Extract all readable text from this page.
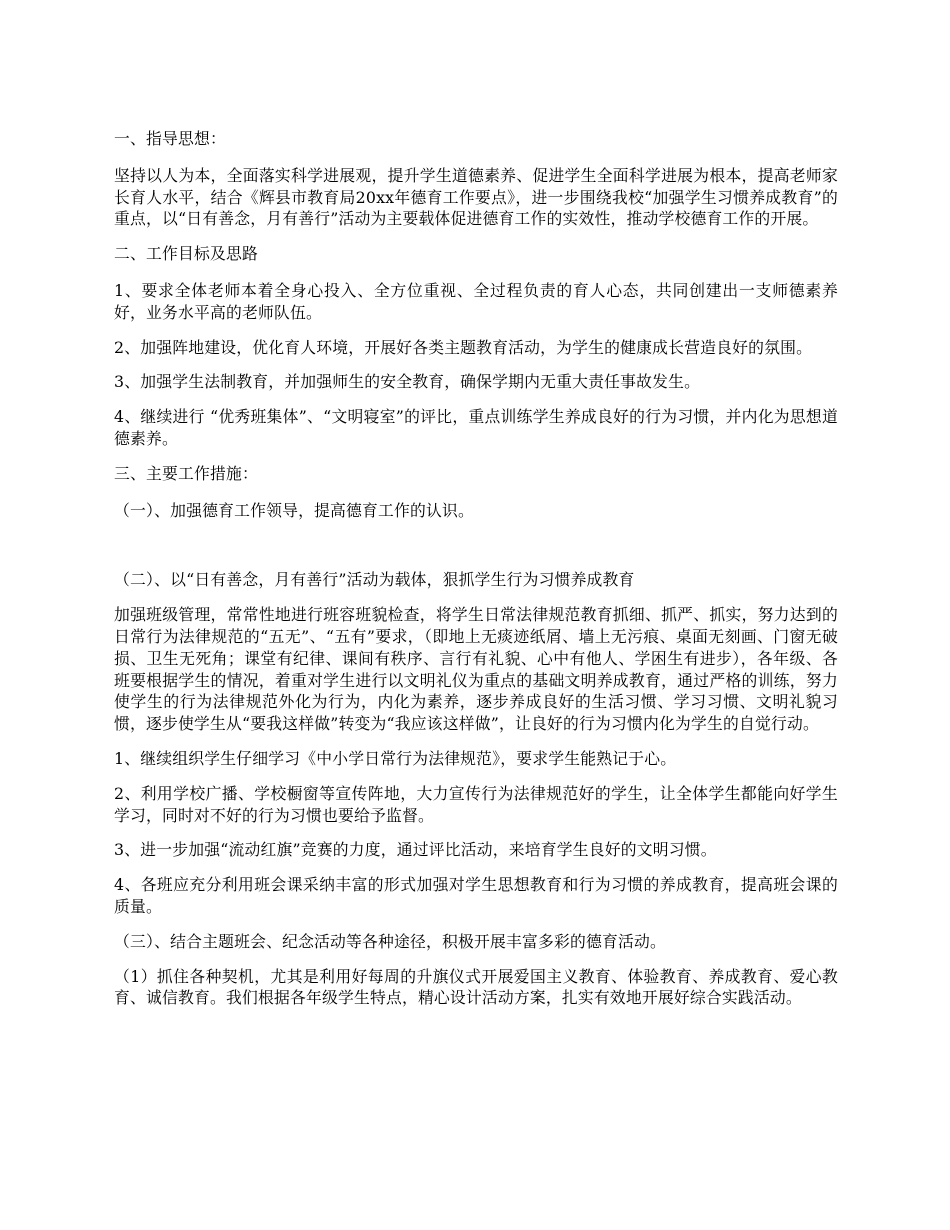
一、指导思想：

坚持以人为本，全面落实科学进展观，提升学生道德素养、促进学生全面科学进展为根本，提高老师家长育人水平，结合《辉县市教育局20xx年德育工作要点》，进一步围绕我校“加强学生习惯养成教育”的重点，以“日有善念，月有善行”活动为主要载体促进德育工作的实效性，推动学校德育工作的开展。

二、工作目标及思路

1、要求全体老师本着全身心投入、全方位重视、全过程负责的育人心态，共同创建出一支师德素养好，业务水平高的老师队伍。

2、加强阵地建设，优化育人环境，开展好各类主题教育活动，为学生的健康成长营造良好的氛围。

3、加强学生法制教育，并加强师生的安全教育，确保学期内无重大责任事故发生。

4、继续进行 “优秀班集体”、“文明寝室”的评比，重点训练学生养成良好的行为习惯，并内化为思想道德素养。

三、主要工作措施：

（一）、加强德育工作领导，提高德育工作的认识。

（二）、以“日有善念，月有善行”活动为载体，狠抓学生行为习惯养成教育

加强班级管理，常常性地进行班容班貌检查，将学生日常法律规范教育抓细、抓严、抓实，努力达到的日常行为法律规范的“五无”、“五有”要求，（即地上无痰迹纸屑、墙上无污痕、桌面无刻画、门窗无破损、卫生无死角；课堂有纪律、课间有秩序、言行有礼貌、心中有他人、学困生有进步），各年级、各班要根据学生的情况，着重对学生进行以文明礼仪为重点的基础文明养成教育，通过严格的训练，努力使学生的行为法律规范外化为行为，内化为素养，逐步养成良好的生活习惯、学习习惯、文明礼貌习惯，逐步使学生从“要我这样做”转变为“我应该这样做”，让良好的行为习惯内化为学生的自觉行动。

1、继续组织学生仔细学习《中小学日常行为法律规范》，要求学生能熟记于心。

2、利用学校广播、学校橱窗等宣传阵地，大力宣传行为法律规范好的学生，让全体学生都能向好学生学习，同时对不好的行为习惯也要给予监督。

3、进一步加强“流动红旗”竞赛的力度，通过评比活动，来培育学生良好的文明习惯。

4、各班应充分利用班会课采纳丰富的形式加强对学生思想教育和行为习惯的养成教育，提高班会课的质量。

（三）、结合主题班会、纪念活动等各种途径，积极开展丰富多彩的德育活动。

（1）抓住各种契机，尤其是利用好每周的升旗仪式开展爱国主义教育、体验教育、养成教育、爱心教育、诚信教育。我们根据各年级学生特点，精心设计活动方案，扎实有效地开展好综合实践活动。
